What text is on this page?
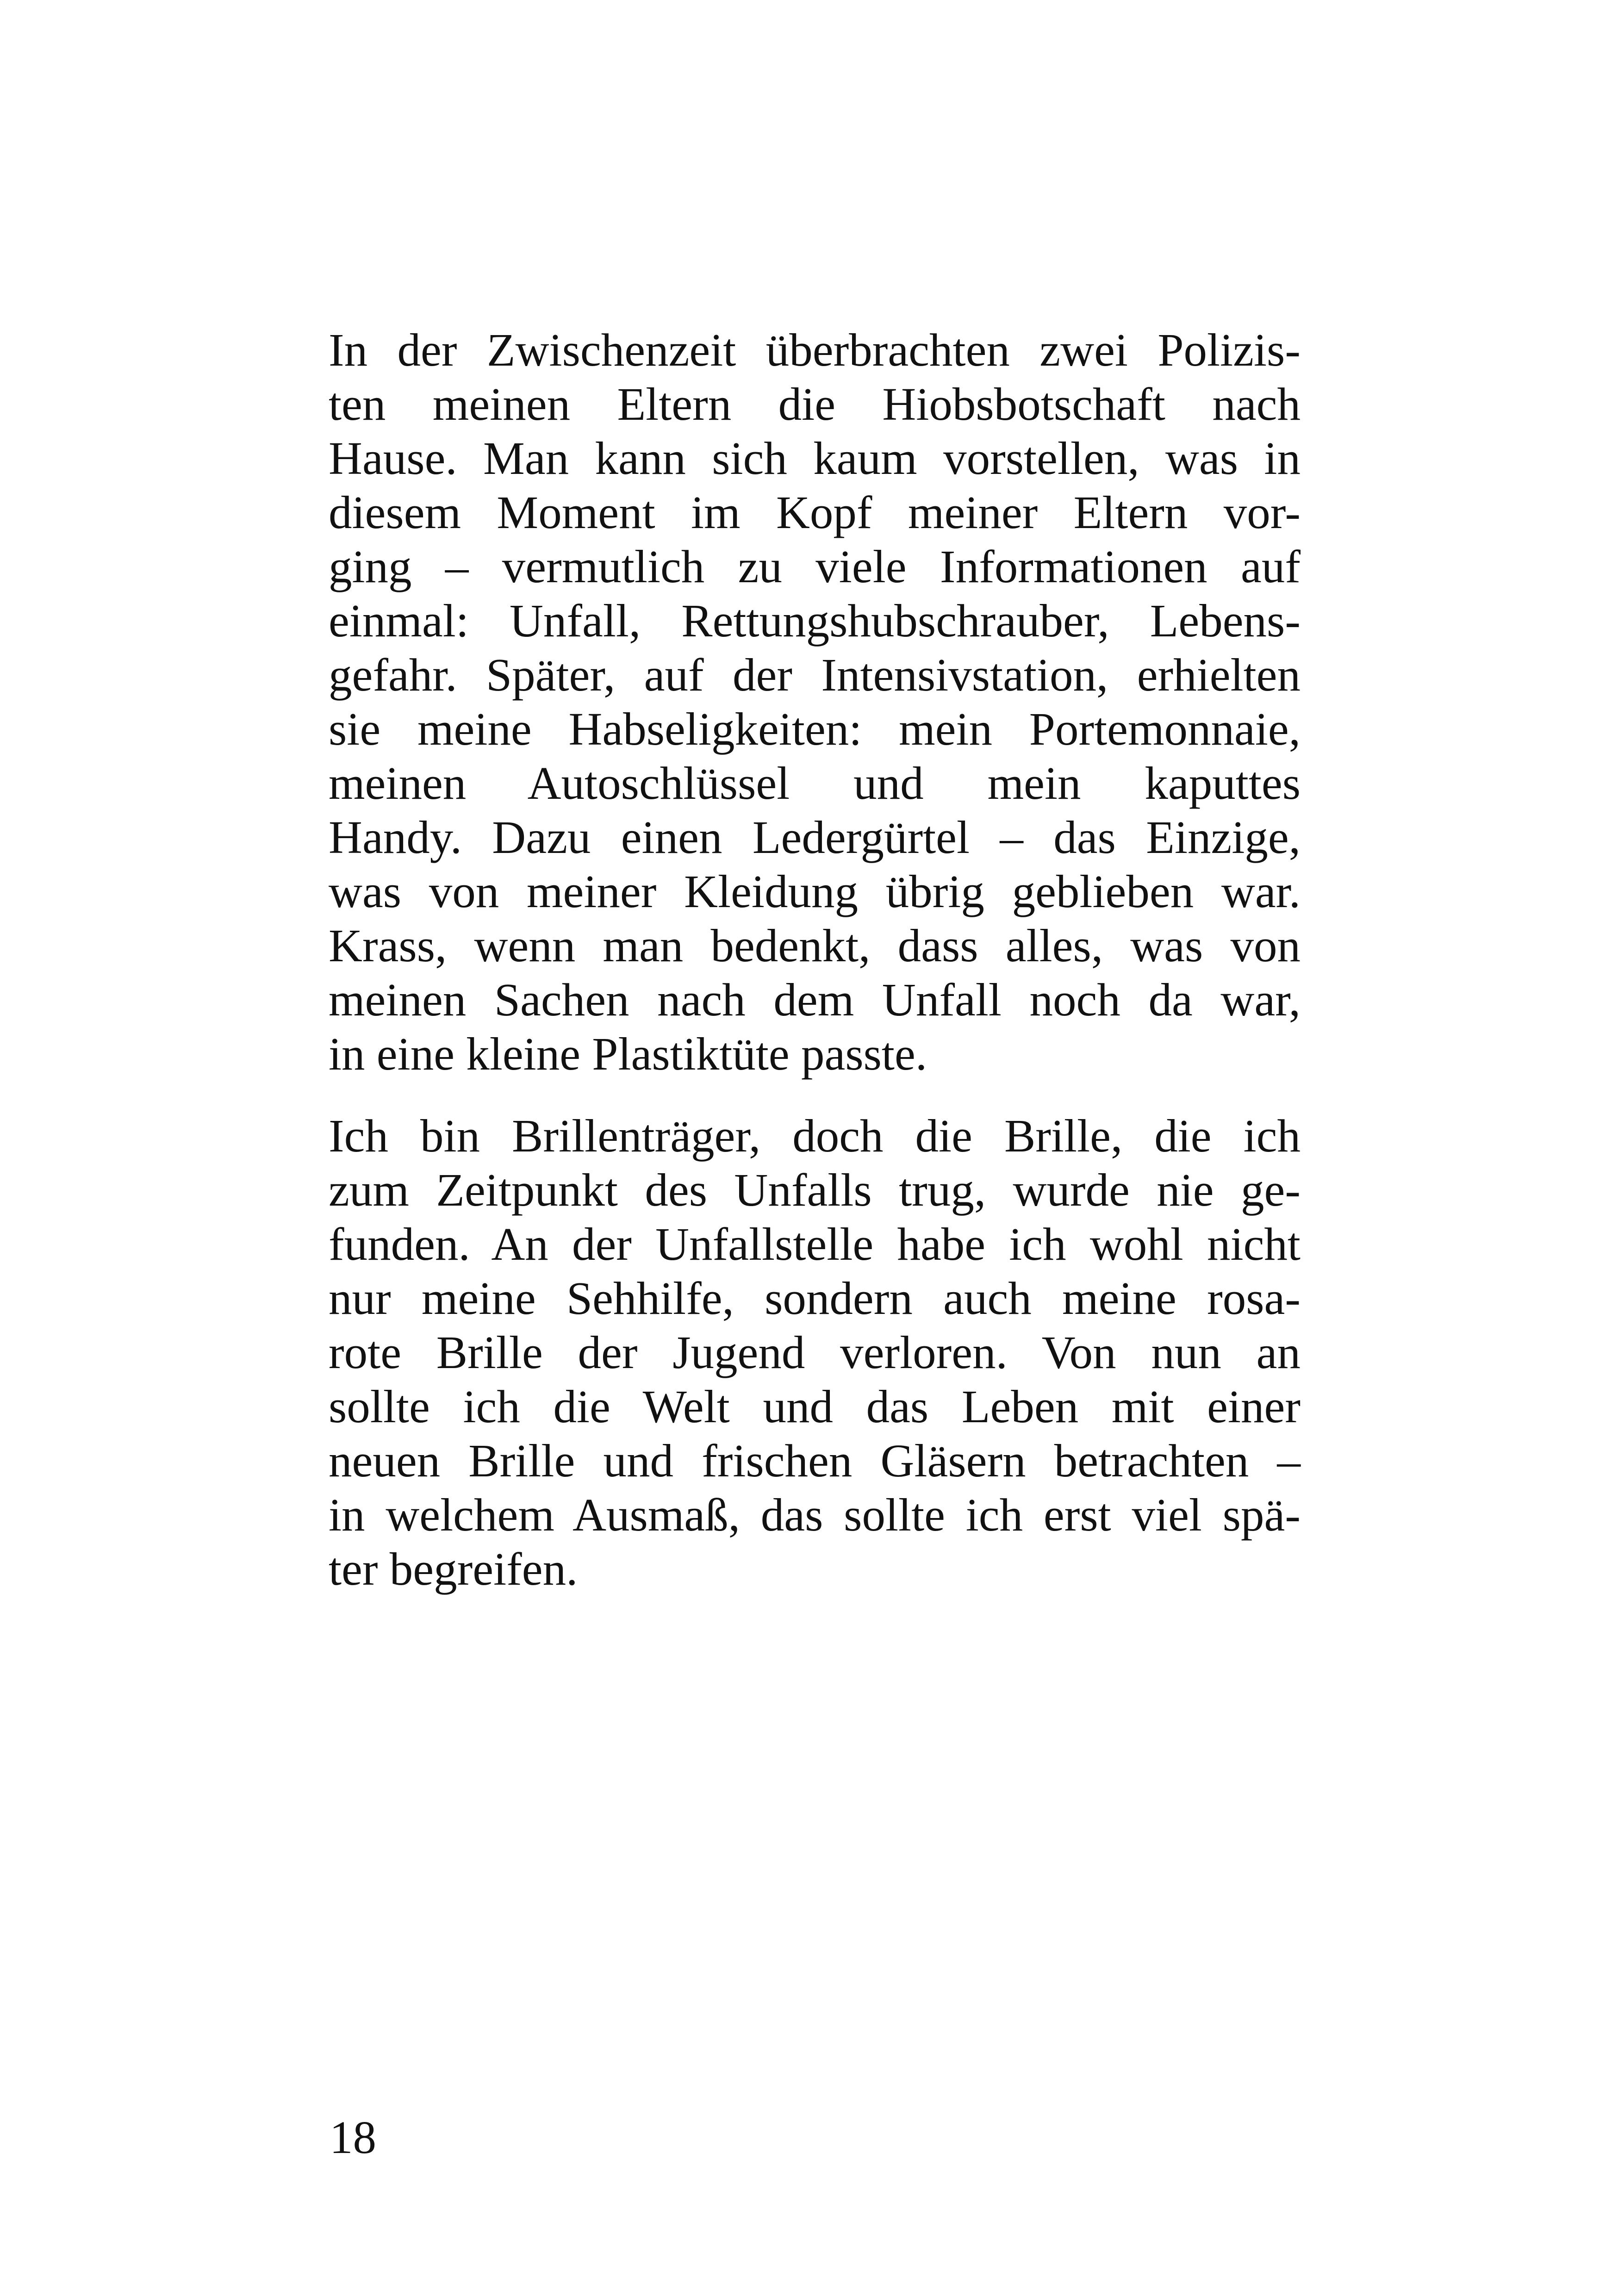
In der Zwischenzeit überbrachten zwei Polizis-
ten meinen Eltern die Hiobsbotschaft nach
Hause. Man kann sich kaum vorstellen, was in
diesem Moment im Kopf meiner Eltern vor-
ging – vermutlich zu viele Informationen auf
einmal: Unfall, Rettungshubschrauber, Lebens-
gefahr. Später, auf der Intensivstation, erhielten
sie meine Habseligkeiten: mein Portemonnaie,
meinen Autoschlüssel und mein kaputtes
Handy. Dazu einen Ledergürtel – das Einzige,
was von meiner Kleidung übrig geblieben war.
Krass, wenn man bedenkt, dass alles, was von
meinen Sachen nach dem Unfall noch da war,
in eine kleine Plastiktüte passte.

Ich bin Brillenträger, doch die Brille, die ich
zum Zeitpunkt des Unfalls trug, wurde nie ge-
funden. An der Unfallstelle habe ich wohl nicht
nur meine Sehhilfe, sondern auch meine rosa-
rote Brille der Jugend verloren. Von nun an
sollte ich die Welt und das Leben mit einer
neuen Brille und frischen Gläsern betrachten –
in welchem Ausmaß, das sollte ich erst viel spä-
ter begreifen.

18
